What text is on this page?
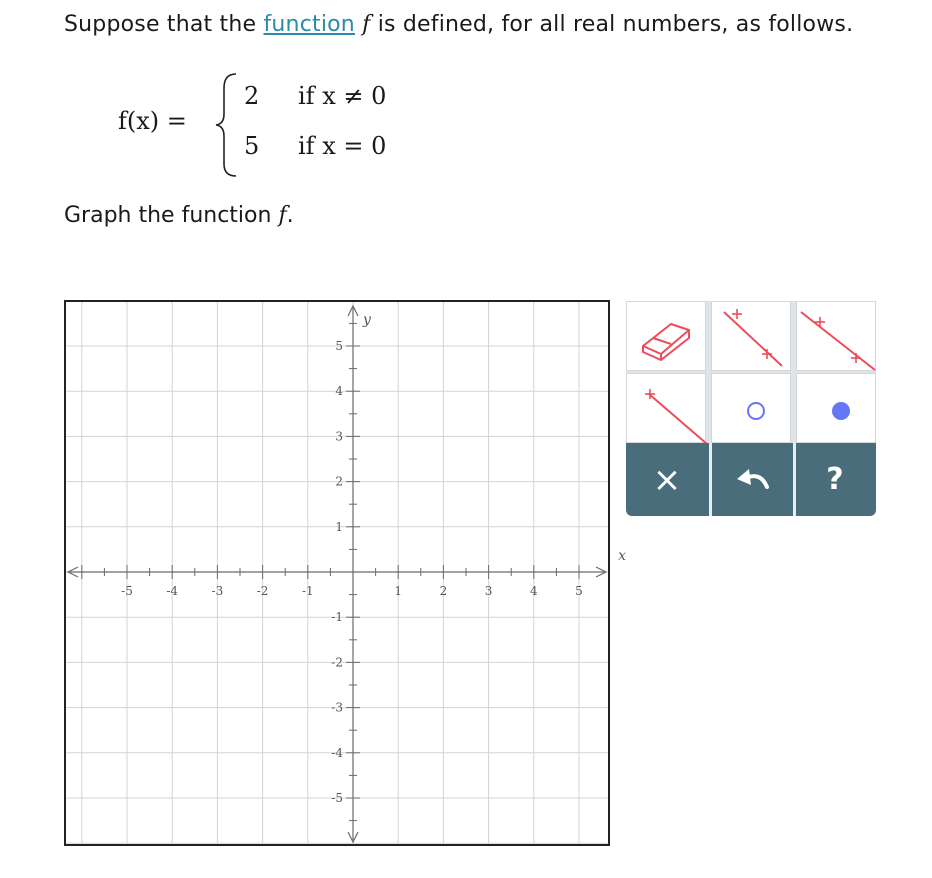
Suppose that the function f is defined, for all real numbers, as follows.
f(x) =
2 if x ≠ 0
5 if x = 0
Graph the function f.
-5	-4	-3	-2	-1	1	2	3	4	5
5
4
3
2
1
-1
-2
-3
-4
-5
x
y
×	?
